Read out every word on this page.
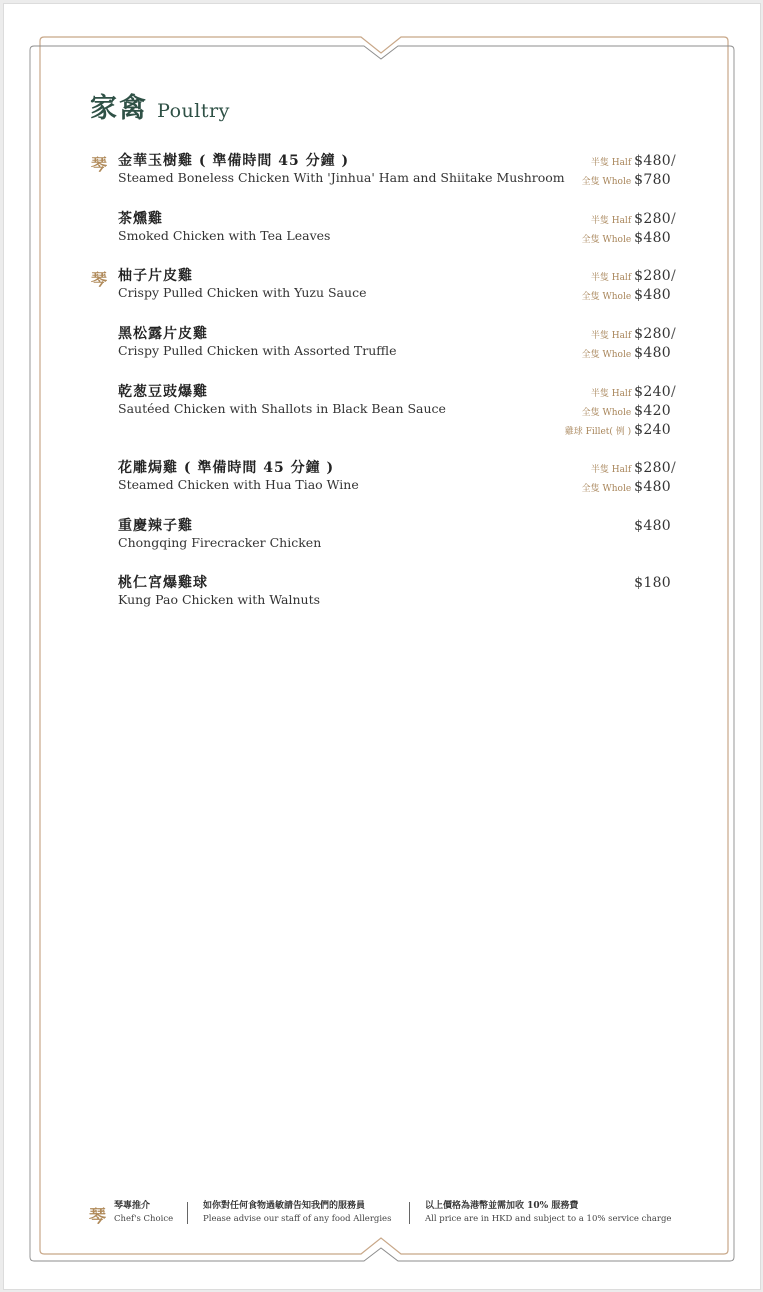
家禽 Poultry
琴 金華玉樹雞 ( 準備時間 45 分鐘 )
Steamed Boneless Chicken With 'Jinhua' Ham and Shiitake Mushroom
半隻 Half $480/
全隻 Whole $780
茶燻雞
Smoked Chicken with Tea Leaves
半隻 Half $280/
全隻 Whole $480
琴 柚子片皮雞
Crispy Pulled Chicken with Yuzu Sauce
半隻 Half $280/
全隻 Whole $480
黑松露片皮雞
Crispy Pulled Chicken with Assorted Truffle
半隻 Half $280/
全隻 Whole $480
乾葱豆豉爆雞
Sautéed Chicken with Shallots in Black Bean Sauce
半隻 Half $240/
全隻 Whole $420
雞球 Fillet( 例 ) $240
花雕焗雞 ( 準備時間 45 分鐘 )
Steamed Chicken with Hua Tiao Wine
半隻 Half $280/
全隻 Whole $480
重慶辣子雞
Chongqing Firecracker Chicken
$480
桃仁宮爆雞球
Kung Pao Chicken with Walnuts
$180
琴
琴專推介
Chef's Choice
如你對任何食物過敏請告知我們的服務員
Please advise our staff of any food Allergies
以上價格為港幣並需加收 10% 服務費
All price are in HKD and subject to a 10% service charge
